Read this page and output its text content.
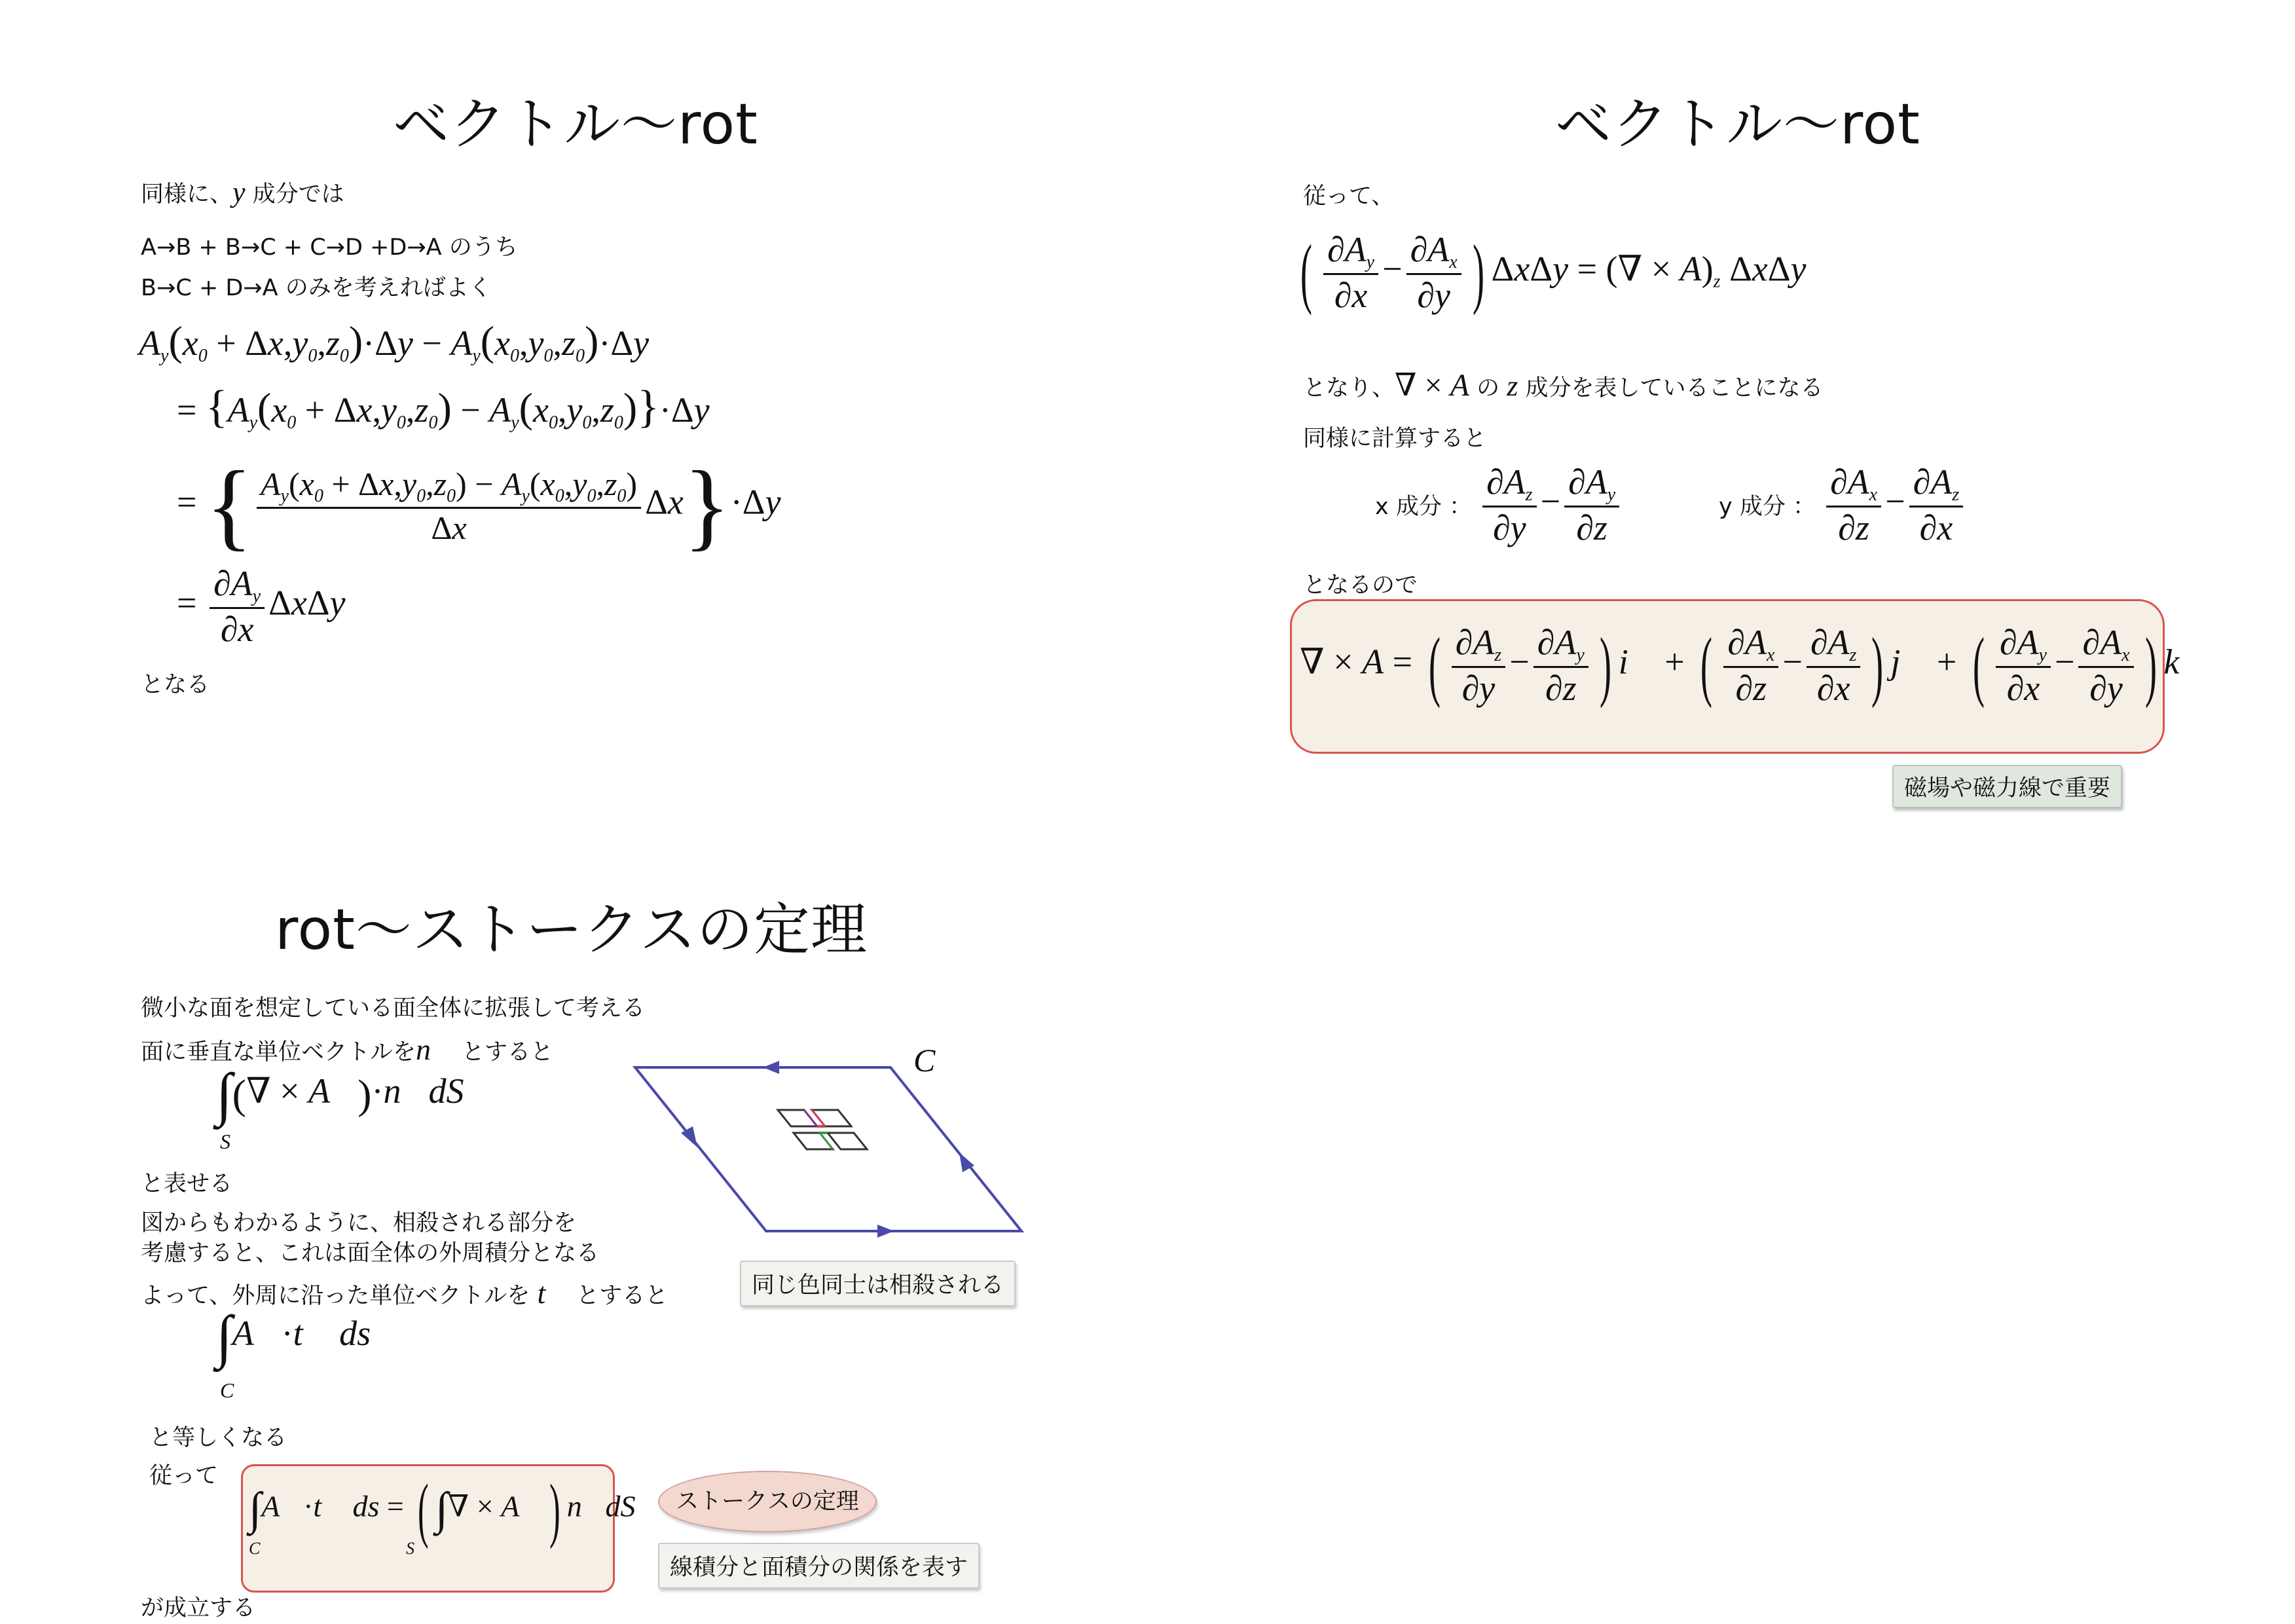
ベクトル～rot
同様に、y 成分では
A→B + B→C + C→D +D→A のうち
B→C + D→A のみを考えればよく
$A_y(x_0 + \Delta x,y_0,z_0)\cdot\Delta y - A_y(x_0,y_0,z_0)\cdot\Delta y$
= $\{A_y(x_0 + \Delta x,y_0,z_0) - A_y(x_0,y_0,z_0)\}\cdot\Delta y$
= { $\frac{A_y(x_0 + \Delta x,y_0,z_0) - A_y(x_0,y_0,z_0)}{\Delta x} \Delta x\}\cdot\Delta y$
= $\frac{\partial A_y}{\partial x}$ ΔxΔy
となる
ベクトル～rot
従って、
( $\frac{\partial A_y}{\partial x} - \frac{\partial A_x}{\partial y}$ ) ΔxΔy = (∇ × $A)_z$ ΔxΔy
となり、∇ × A の z 成分を表していることになる
同様に計算すると
x 成分 ： $\frac{\partial A_z}{\partial y} - \frac{\partial A_y}{\partial z}$	y 成分 ： $\frac{\partial A_x}{\partial z} - \frac{\partial A_z}{\partial x}$
となるので
∇ × A = ( $\frac{\partial A_z}{\partial y} - \frac{\partial A_y}{\partial z}$ ) i⃗ + ( $\frac{\partial A_x}{\partial z} - \frac{\partial A_z}{\partial x}$ ) j⃗ + ( $\frac{\partial A_y}{\partial x} - \frac{\partial A_x}{\partial y}$ ) k⃗
磁場や磁力線で重要
rot～ストークスの定理
微小な面を想定している面全体に拡張して考える
面に垂直な単位ベクトルをn⃗ とすると
∫(∇ × A⃗)·n⃗dS
S
と表せる
図からもわかるように、相殺される部分を
考慮すると、これは面全体の外周積分となる
よって、外周に沿った単位ベクトルを t⃗ とすると
∫A⃗·t⃗ ds
C
と等しくなる
従って
∫A⃗·t⃗ ds = ( ∫∇ × A⃗) n⃗dS
C	S
が成立する
C
同じ色同士は相殺される
ストークスの定理
線積分と面積分の関係を表す
